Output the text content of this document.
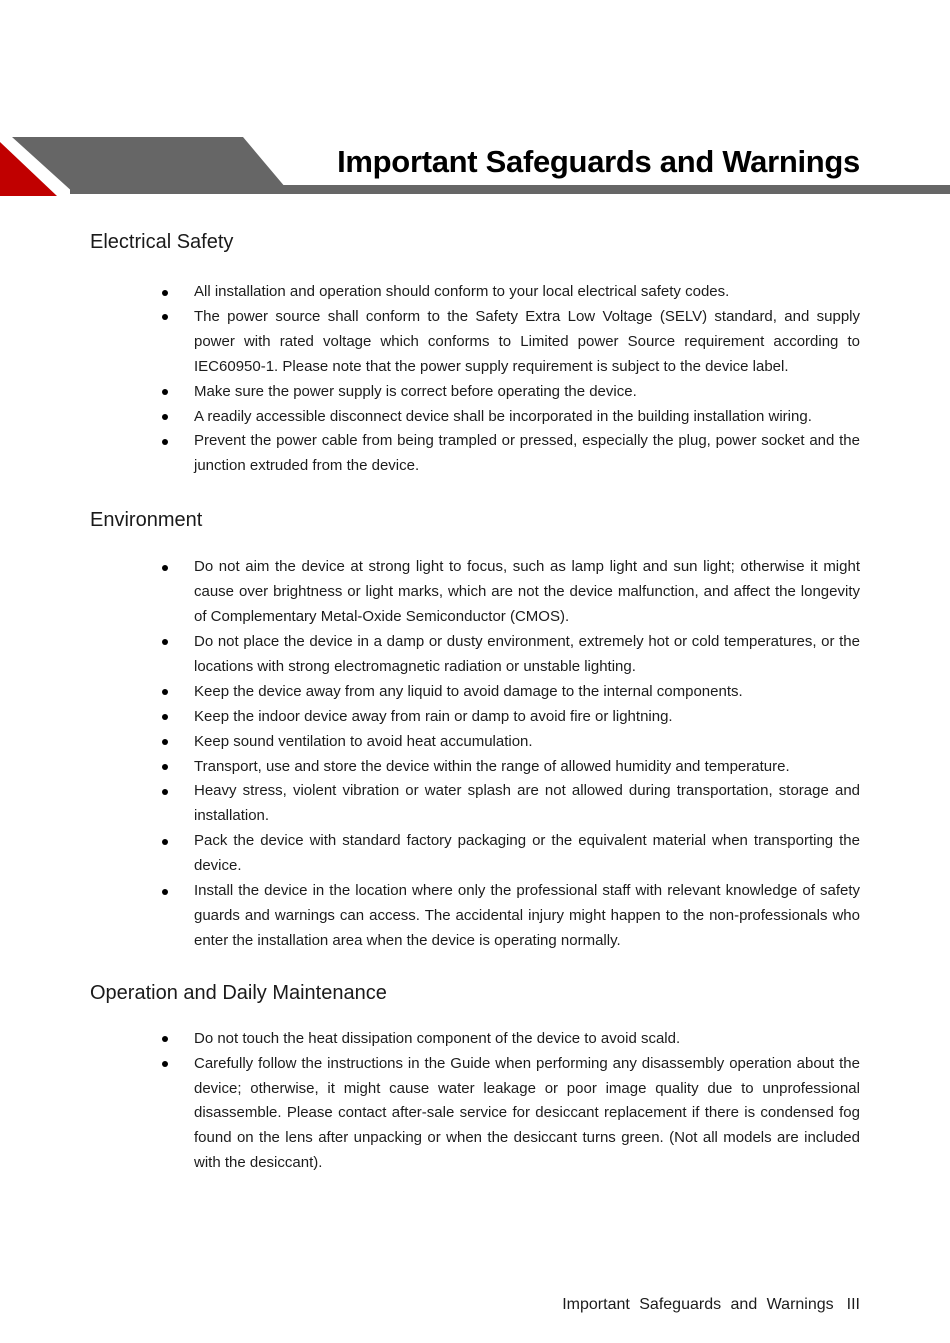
Important Safeguards and Warnings
Electrical Safety
All installation and operation should conform to your local electrical safety codes.
The power source shall conform to the Safety Extra Low Voltage (SELV) standard, and supply power with rated voltage which conforms to Limited power Source requirement according to IEC60950-1. Please note that the power supply requirement is subject to the device label.
Make sure the power supply is correct before operating the device.
A readily accessible disconnect device shall be incorporated in the building installation wiring.
Prevent the power cable from being trampled or pressed, especially the plug, power socket and the junction extruded from the device.
Environment
Do not aim the device at strong light to focus, such as lamp light and sun light; otherwise it might cause over brightness or light marks, which are not the device malfunction, and affect the longevity of Complementary Metal-Oxide Semiconductor (CMOS).
Do not place the device in a damp or dusty environment, extremely hot or cold temperatures, or the locations with strong electromagnetic radiation or unstable lighting.
Keep the device away from any liquid to avoid damage to the internal components.
Keep the indoor device away from rain or damp to avoid fire or lightning.
Keep sound ventilation to avoid heat accumulation.
Transport, use and store the device within the range of allowed humidity and temperature.
Heavy stress, violent vibration or water splash are not allowed during transportation, storage and installation.
Pack the device with standard factory packaging or the equivalent material when transporting the device.
Install the device in the location where only the professional staff with relevant knowledge of safety guards and warnings can access. The accidental injury might happen to the non-professionals who enter the installation area when the device is operating normally.
Operation and Daily Maintenance
Do not touch the heat dissipation component of the device to avoid scald.
Carefully follow the instructions in the Guide when performing any disassembly operation about the device; otherwise, it might cause water leakage or poor image quality due to unprofessional disassemble. Please contact after-sale service for desiccant replacement if there is condensed fog found on the lens after unpacking or when the desiccant turns green. (Not all models are included with the desiccant).
Important Safeguards and Warnings III
